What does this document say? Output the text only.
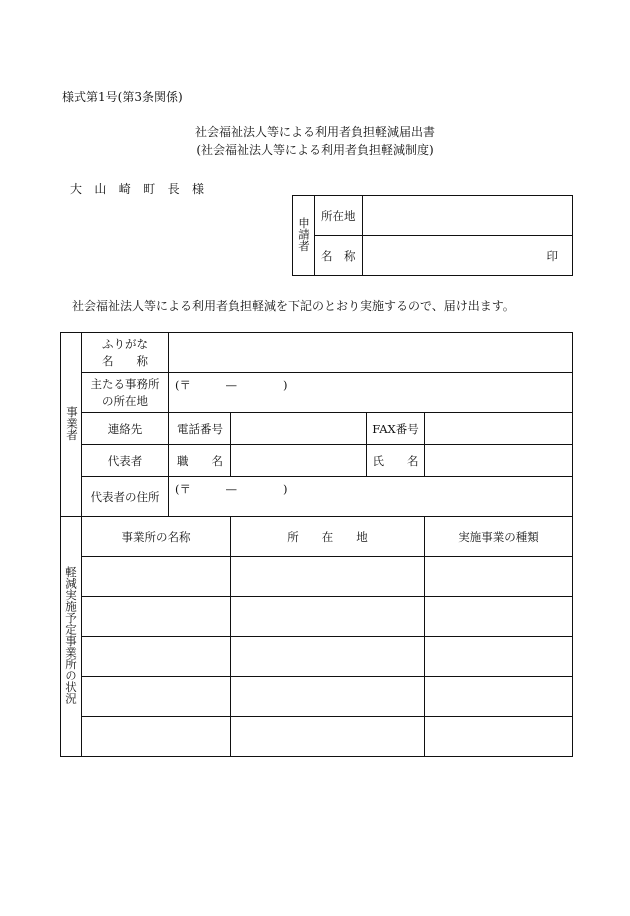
様式第1号(第3条関係)
社会福祉法人等による利用者負担軽減届出書
(社会福祉法人等による利用者負担軽減制度)
大　山　崎　町　長　様
申請者	所在地	
	名　称	印
社会福祉法人等による利用者負担軽減を下記のとおり実施するので、届け出ます。
事業者	ふりがな
名　　称				

	主たる事務所
の所在地	(〒　　　—　　　　)			
	連絡先	電話番号		FAX番号	
	代表者	職　　名		氏　　名	
	代表者の住所	(〒　　　—　　　　)			
軽減実施予定事業所の状況	事業所の名称		所　　在　　地		実施事業の種類
